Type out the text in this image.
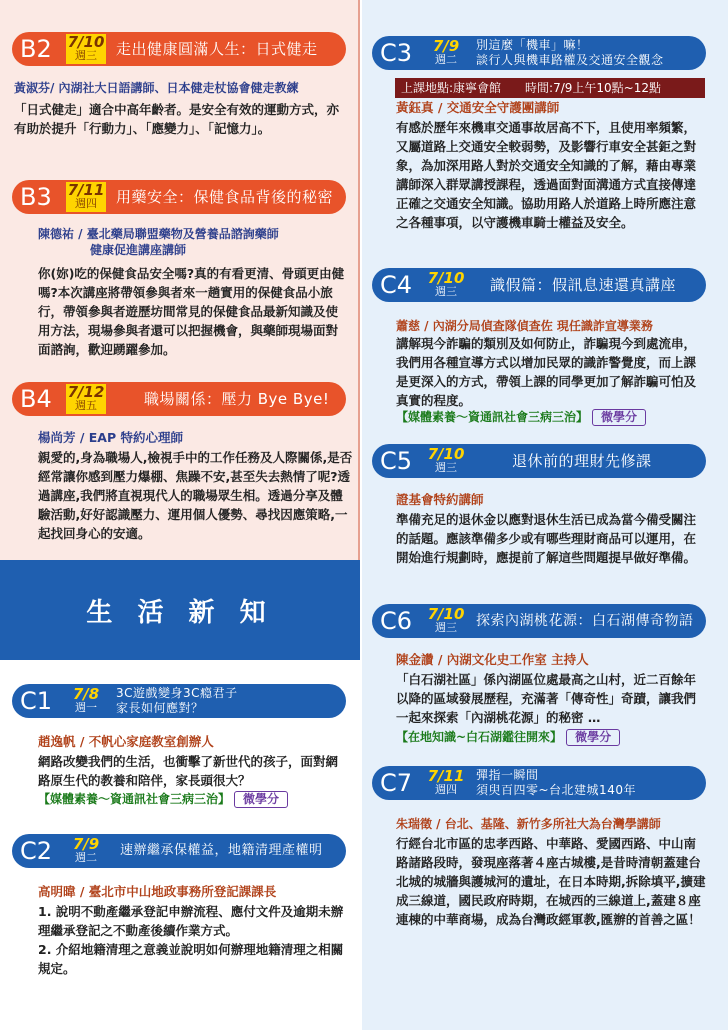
B2	7/10
週三	走出健康圓滿人生：日式健走
黃淑芬/ 內湖社大日語講師、日本健走杖協會健走教練
「日式健走」適合中高年齡者。是安全有效的運動方式，亦有助於提升「行動力」、「應變力」、「記憶力」。
B3	7/11
週四	用藥安全：保健食品背後的秘密
陳德祐 / 臺北藥局聯盟藥物及營養品諮詢藥師
健康促進講座講師
你(妳)吃的保健食品安全嗎?真的有看更清、骨頭更由健嗎?本次講座將帶領參與者來一趟實用的保健食品小旅行，帶領參與者遊歷坊間常見的保健食品最新知識及使用方法，現場參與者還可以把握機會，與藥師現場面對面諮詢，歡迎踴躍參加。
B4	7/12
週五	職場關係：壓力 Bye Bye!
楊尚芳 / EAP 特約心理師
親愛的,身為職場人,檢視手中的工作任務及人際關係,是否經常讓你感到壓力爆棚、焦躁不安,甚至失去熱情了呢?透過講座,我們將直視現代人的職場眾生相。透過分享及體驗活動,好好認識壓力、運用個人優勢、尋找因應策略,一起找回身心的安適。
生 活 新 知
C1	7/8
週一
3C遊戲變身3C瘾君子
家長如何應對？
趙逸帆 / 不帆心家庭教室創辦人
網路改變我們的生活，也衝擊了新世代的孩子，面對網路原生代的教養和陪伴，家長頭很大？
【媒體素養～資通訊社會三病三治】 微學分
C2	7/9
週二	速辦繼承保權益，地籍清理產權明
高明暐 / 臺北市中山地政事務所登記課課長
1. 說明不動產繼承登記申辦流程、應付文件及逾期未辦理繼承登記之不動產後續作業方式。
2. 介紹地籍清理之意義並說明如何辦理地籍清理之相關規定。
C3	7/9
週二
別這麼「機車」嘛！
談行人與機車路權及交通安全觀念
黃鈺真 / 交通安全守護團講師
有感於歷年來機車交通事故居高不下，且使用率頻繁，又屬道路上交通安全較弱勢，及影響行車安全甚鉅之對象，為加深用路人對於交通安全知識的了解，藉由專業講師深入群眾講授課程，透過面對面溝通方式直接傳達正確之交通安全知識。協助用路人於道路上時所應注意之各種事項，以守護機車騎士權益及安全。
上課地點:康寧會館　　時間:7/9上午10點~12點
C4	7/10
週三	識假篇：假訊息速還真講座
蕭慈 / 內湖分局偵查隊偵查佐 現任識詐宣導業務
講解現今詐騙的類別及如何防止，詐騙現今到處流串，我們用各種宣導方式以增加民眾的識詐警覺度，而上課是更深入的方式，帶領上課的同學更加了解詐騙可怕及真實的程度。
【媒體素養～資通訊社會三病三治】 微學分
C5	7/10
週三	退休前的理財先修課
證基會特約講師
準備充足的退休金以應對退休生活已成為當今備受關注的話題。應該準備多少或有哪些理財商品可以運用，在開始進行規劃時，應提前了解這些問題提早做好準備。
C6	7/10
週三	探索內湖桃花源：白石湖傳奇物語
陳金讚 / 內湖文化史工作室 主持人
「白石湖社區」係內湖區位處最高之山村，近二百餘年以降的區域發展歷程，充滿著「傳奇性」奇蹟，讓我們一起來探索「內湖桃花源」的秘密 …
【在地知識~白石湖鑑往開來】 微學分
C7	7/11
週四
彈指一瞬間
須臾百四零~台北建城140年
朱瑞徵 / 台北、基隆、新竹多所社大為台灣學講師
行經台北市區的忠孝西路、中華路、愛國西路、中山南路諸路段時，發現座落著４座古城樓,是昔時清朝蓋建台北城的城牆與護城河的遺址，在日本時期,拆除填平,擴建成三線道，國民政府時期，在城西的三線道上,蓋建８座連棟的中華商場，成為台灣政經軍教,匯辦的首善之區！
